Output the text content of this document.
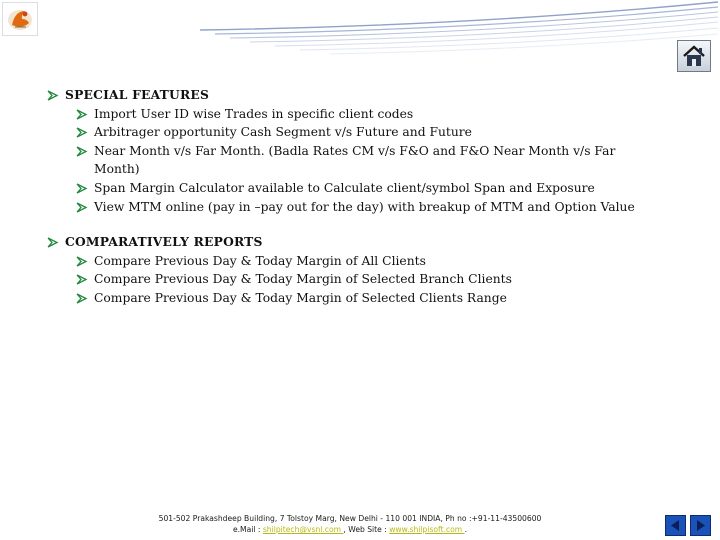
SPECIAL FEATURES
Import User ID wise Trades in specific client codes
Arbitrager opportunity Cash Segment v/s Future and Future
Near Month v/s Far Month. (Badla Rates CM v/s F&O and F&O Near Month v/s Far Month)
Span Margin Calculator available to Calculate client/symbol Span and Exposure
View MTM online (pay in –pay out for the day) with breakup of MTM and Option Value
COMPARATIVELY REPORTS
Compare Previous Day & Today Margin of All Clients
Compare Previous Day & Today Margin of Selected Branch Clients
Compare Previous Day & Today Margin of Selected Clients Range
501-502 Prakashdeep Building, 7 Tolstoy Marg, New Delhi - 110 001 INDIA, Ph no :+91-11-43500600
e.Mail : shilpitech@vsnl.com , Web Site : www.shilpisoft.com .
